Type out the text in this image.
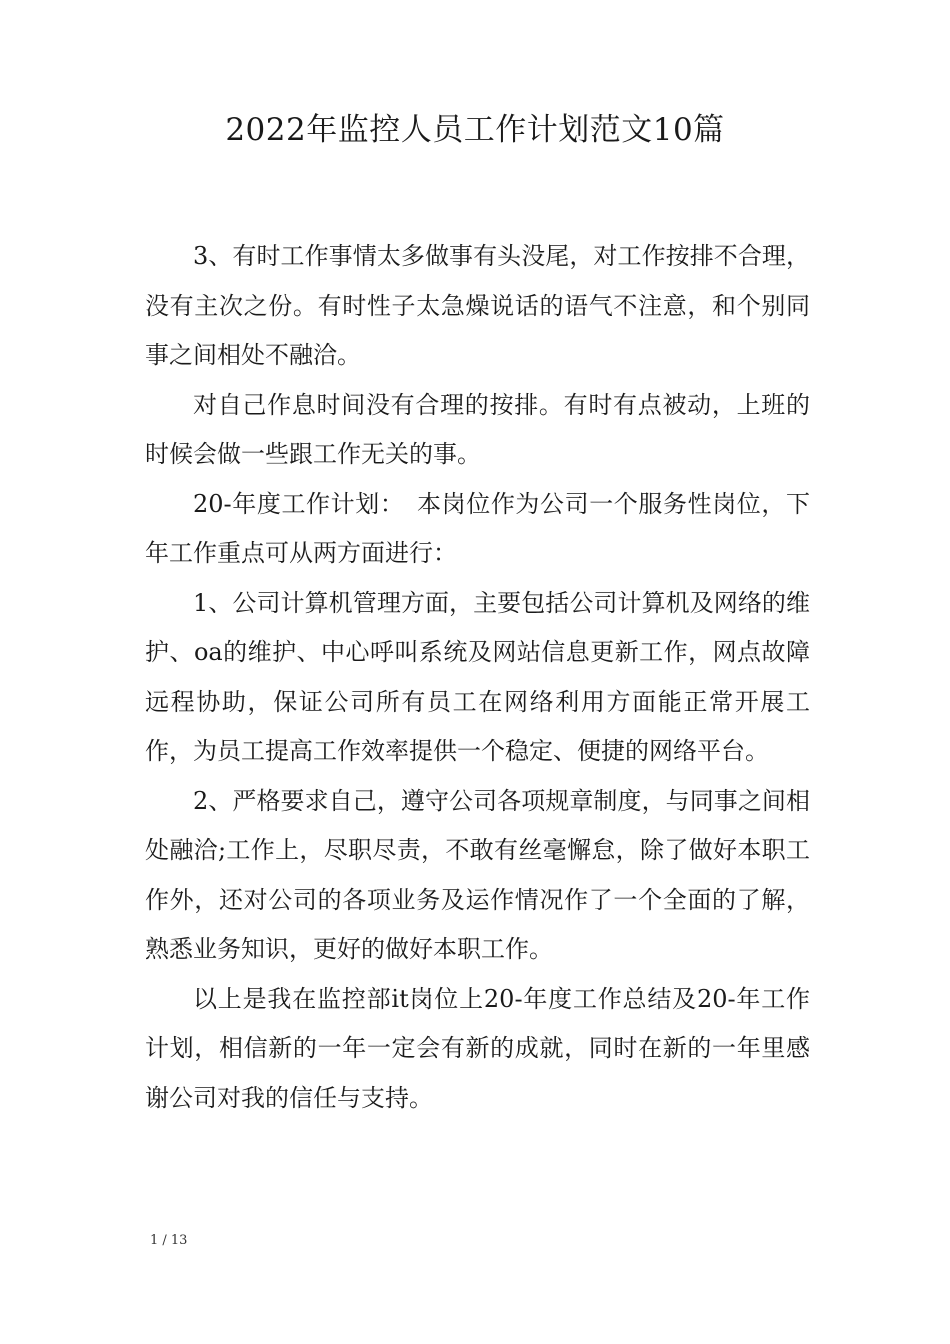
2022年监控人员工作计划范文10篇

3、有时工作事情太多做事有头没尾，对工作按排不合理，没有主次之份。有时性子太急燥说话的语气不注意，和个别同事之间相处不融洽。

对自己作息时间没有合理的按排。有时有点被动，上班的时候会做一些跟工作无关的事。

20-年度工作计划：　本岗位作为公司一个服务性岗位，下年工作重点可从两方面进行：

1、公司计算机管理方面，主要包括公司计算机及网络的维护、oa的维护、中心呼叫系统及网站信息更新工作，网点故障远程协助，保证公司所有员工在网络利用方面能正常开展工作，为员工提高工作效率提供一个稳定、便捷的网络平台。

2、严格要求自己，遵守公司各项规章制度，与同事之间相处融洽;工作上，尽职尽责，不敢有丝毫懈怠，除了做好本职工作外，还对公司的各项业务及运作情况作了一个全面的了解，熟悉业务知识，更好的做好本职工作。

以上是我在监控部it岗位上20-年度工作总结及20-年工作计划，相信新的一年一定会有新的成就，同时在新的一年里感谢公司对我的信任与支持。

1 / 13
